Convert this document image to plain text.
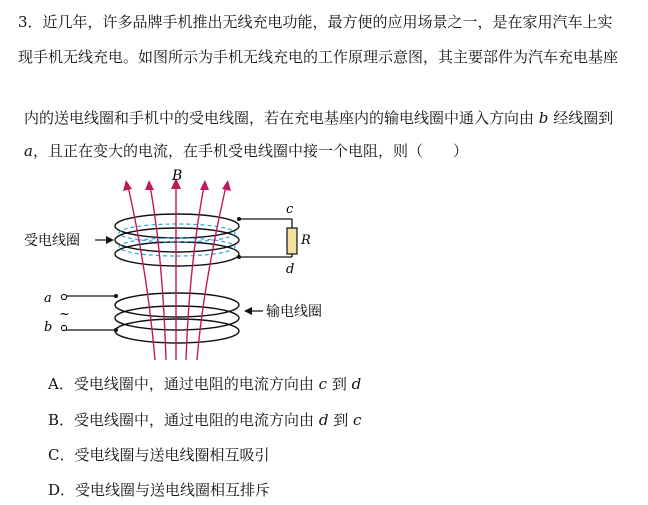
3．近几年，许多品牌手机推出无线充电功能，最方便的应用场景之一，是在家用汽车上实
现手机无线充电。如图所示为手机无线充电的工作原理示意图，其主要部件为汽车充电基座
内的送电线圈和手机中的受电线圈，若在充电基座内的输电线圈中通入方向由 b 经线圈到
a，且正在变大的电流，在手机受电线圈中接一个电阻，则（　　）
B
c
R
d
a
b
~
受电线圈
输电线圈
A．受电线圈中，通过电阻的电流方向由 c 到 d
B．受电线圈中，通过电阻的电流方向由 d 到 c
C．受电线圈与送电线圈相互吸引
D．受电线圈与送电线圈相互排斥
